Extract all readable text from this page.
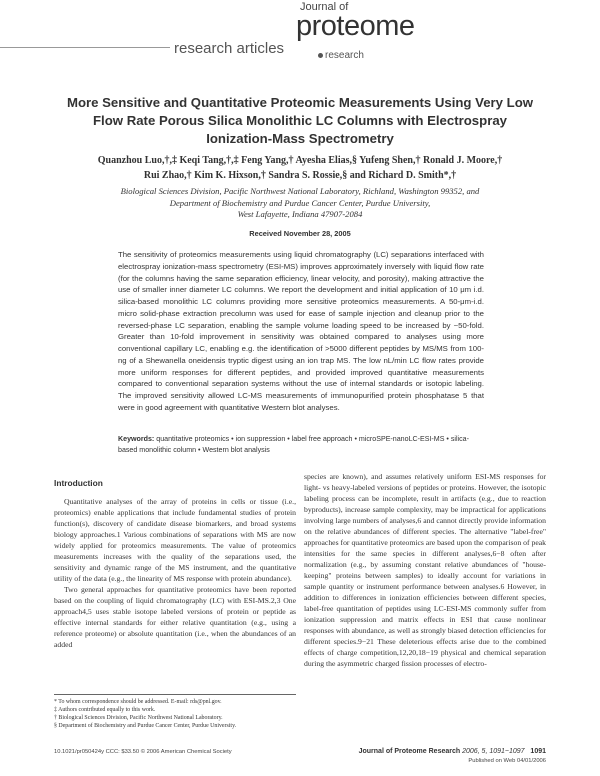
research articles
Journal of
proteome
research
More Sensitive and Quantitative Proteomic Measurements Using Very Low Flow Rate Porous Silica Monolithic LC Columns with Electrospray Ionization-Mass Spectrometry
Quanzhou Luo,†,‡ Keqi Tang,†,‡ Feng Yang,† Ayesha Elias,§ Yufeng Shen,† Ronald J. Moore,†
Rui Zhao,† Kim K. Hixson,† Sandra S. Rossie,§ and Richard D. Smith*,†
Biological Sciences Division, Pacific Northwest National Laboratory, Richland, Washington 99352, and
Department of Biochemistry and Purdue Cancer Center, Purdue University,
West Lafayette, Indiana 47907-2084
Received November 28, 2005
The sensitivity of proteomics measurements using liquid chromatography (LC) separations interfaced with electrospray ionization-mass spectrometry (ESI-MS) improves approximately inversely with liquid flow rate (for the columns having the same separation efficiency, linear velocity, and porosity), making attractive the use of smaller inner diameter LC columns. We report the development and initial application of 10 μm i.d. silica-based monolithic LC columns providing more sensitive proteomics measurements. A 50-μm-i.d. micro solid-phase extraction precolumn was used for ease of sample injection and cleanup prior to the reversed-phase LC separation, enabling the sample volume loading speed to be increased by ~50-fold. Greater than 10-fold improvement in sensitivity was obtained compared to analyses using more conventional capillary LC, enabling e.g. the identification of >5000 different peptides by MS/MS from 100-ng of a Shewanella oneidensis tryptic digest using an ion trap MS. The low nL/min LC flow rates provide more uniform responses for different peptides, and provided improved quantitative measurements compared to conventional separation systems without the use of internal standards or isotopic labeling. The improved sensitivity allowed LC-MS measurements of immunopurified protein phosphatase 5 that were in good agreement with quantitative Western blot analyses.
Keywords: quantitative proteomics • ion suppression • label free approach • microSPE-nanoLC-ESI-MS • silica-based monolithic column • Western blot analysis
Introduction

Quantitative analyses of the array of proteins in cells or tissue (i.e., proteomics) enable applications that include fundamental studies of protein function(s), discovery of candidate disease biomarkers, and broad systems biology approaches.1 Various combinations of separations with MS are now widely applied for proteomics measurements. The value of proteomics measurements increases with the quality of the separations used, the sensitivity and dynamic range of the MS instrument, and the quantitative utility of the data (e.g., the linearity of MS response with protein abundance).

Two general approaches for quantitative proteomics have been reported based on the coupling of liquid chromatography (LC) with ESI-MS.2,3 One approach4,5 uses stable isotope labeled versions of protein or peptide as effective internal standards for either relative quantitation (e.g., using a reference proteome) or absolute quantitation (i.e., when the abundances of an added

* To whom correspondence should be addressed. E-mail: rds@pnl.gov.
‡ Authors contributed equally to this work.
† Biological Sciences Division, Pacific Northwest National Laboratory.
§ Department of Biochemistry and Purdue Cancer Center, Purdue University.

species are known), and assumes relatively uniform ESI-MS responses for light- vs heavy-labeled versions of peptides or proteins. However, the isotopic labeling process can be incomplete, result in artifacts (e.g., due to reaction byproducts), increase sample complexity, may be impractical for applications involving large numbers of analyses,6 and cannot directly provide information on the relative abundances of different species. The alternative "label-free" approaches for quantitative proteomics are based upon the comparison of peak intensities for the same species in different analyses,6−8 often after normalization (e.g., by assuming constant relative abundances of "house-keeping" proteins between samples) to ideally account for variations in sample quantity or instrument performance between analyses.6 However, in addition to differences in ionization efficiencies between different species, label-free quantitation of peptides using LC-ESI-MS commonly suffer from ionization suppression and matrix effects in ESI that cause nonlinear responses with abundance, as well as strongly biased detection efficiencies for different species.9−21 These deleterious effects arise due to the combined effects of charge competition,12,20,18−19 physical and chemical separation during the asymmetric charged fission processes of electro-

10.1021/pr050424y CCC: $33.50 © 2006 American Chemical Society	Journal of Proteome Research 2006, 5, 1091−1097 1091
Published on Web 04/01/2006
